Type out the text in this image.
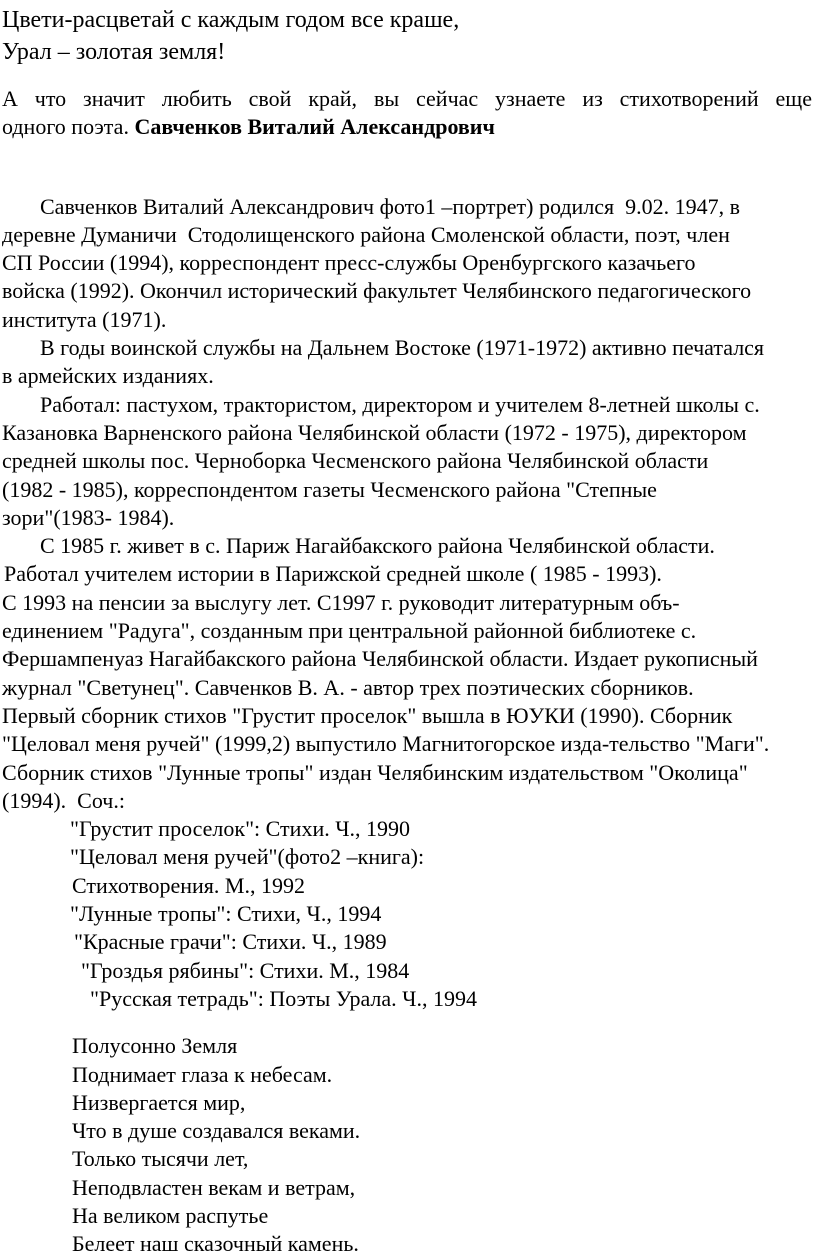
Цвети-расцветай с каждым годом все краше,
Урал – золотая земля!
А что значит любить свой край, вы сейчас узнаете из стихотворений еще
одного поэта. Савченков Виталий Александрович
Савченков Виталий Александрович фото1 –портрет) родился  9.02. 1947, в
деревне Думаничи  Стодолищенского района Смоленской области, поэт, член
СП России (1994), корреспондент пресс-службы Оренбургского казачьего
войска (1992). Окончил исторический факультет Челябинского педагогического
института (1971).
В годы воинской службы на Дальнем Востоке (1971-1972) активно печатался
в армейских изданиях.
Работал: пастухом, трактористом, директором и учителем 8-летней школы с.
Казановка Варненского района Челябинской области (1972 - 1975), директором
средней школы пос. Черноборка Чесменского района Челябинской области
(1982 - 1985), корреспондентом газеты Чесменского района "Степные
зори"(1983- 1984).
С 1985 г. живет в с. Париж Нагайбакского района Челябинской области.
Работал учителем истории в Парижской средней школе ( 1985 - 1993).
С 1993 на пенсии за выслугу лет. С1997 г. руководит литературным объ-
единением "Радуга", созданным при центральной районной библиотеке с.
Фершампенуаз Нагайбакского района Челябинской области. Издает рукописный
журнал "Светунец". Савченков В. А. - автор трех поэтических сборников.
Первый сборник стихов "Грустит проселок" вышла в ЮУКИ (1990). Сборник
"Целовал меня ручей" (1999,2) выпустило Магнитогорское изда-тельство "Маги".
Сборник стихов "Лунные тропы" издан Челябинским издательством "Околица"
(1994).  Соч.:
"Грустит проселок": Стихи. Ч., 1990
"Целовал меня ручей"(фото2 –книга):
Стихотворения. М., 1992
"Лунные тропы": Стихи, Ч., 1994
"Красные грачи": Стихи. Ч., 1989
"Гроздья рябины": Стихи. М., 1984
"Русская тетрадь": Поэты Урала. Ч., 1994
Полусонно Земля
Поднимает глаза к небесам.
Низвергается мир,
Что в душе создавался веками.
Только тысячи лет,
Неподвластен векам и ветрам,
На великом распутье
Белеет наш сказочный камень.
